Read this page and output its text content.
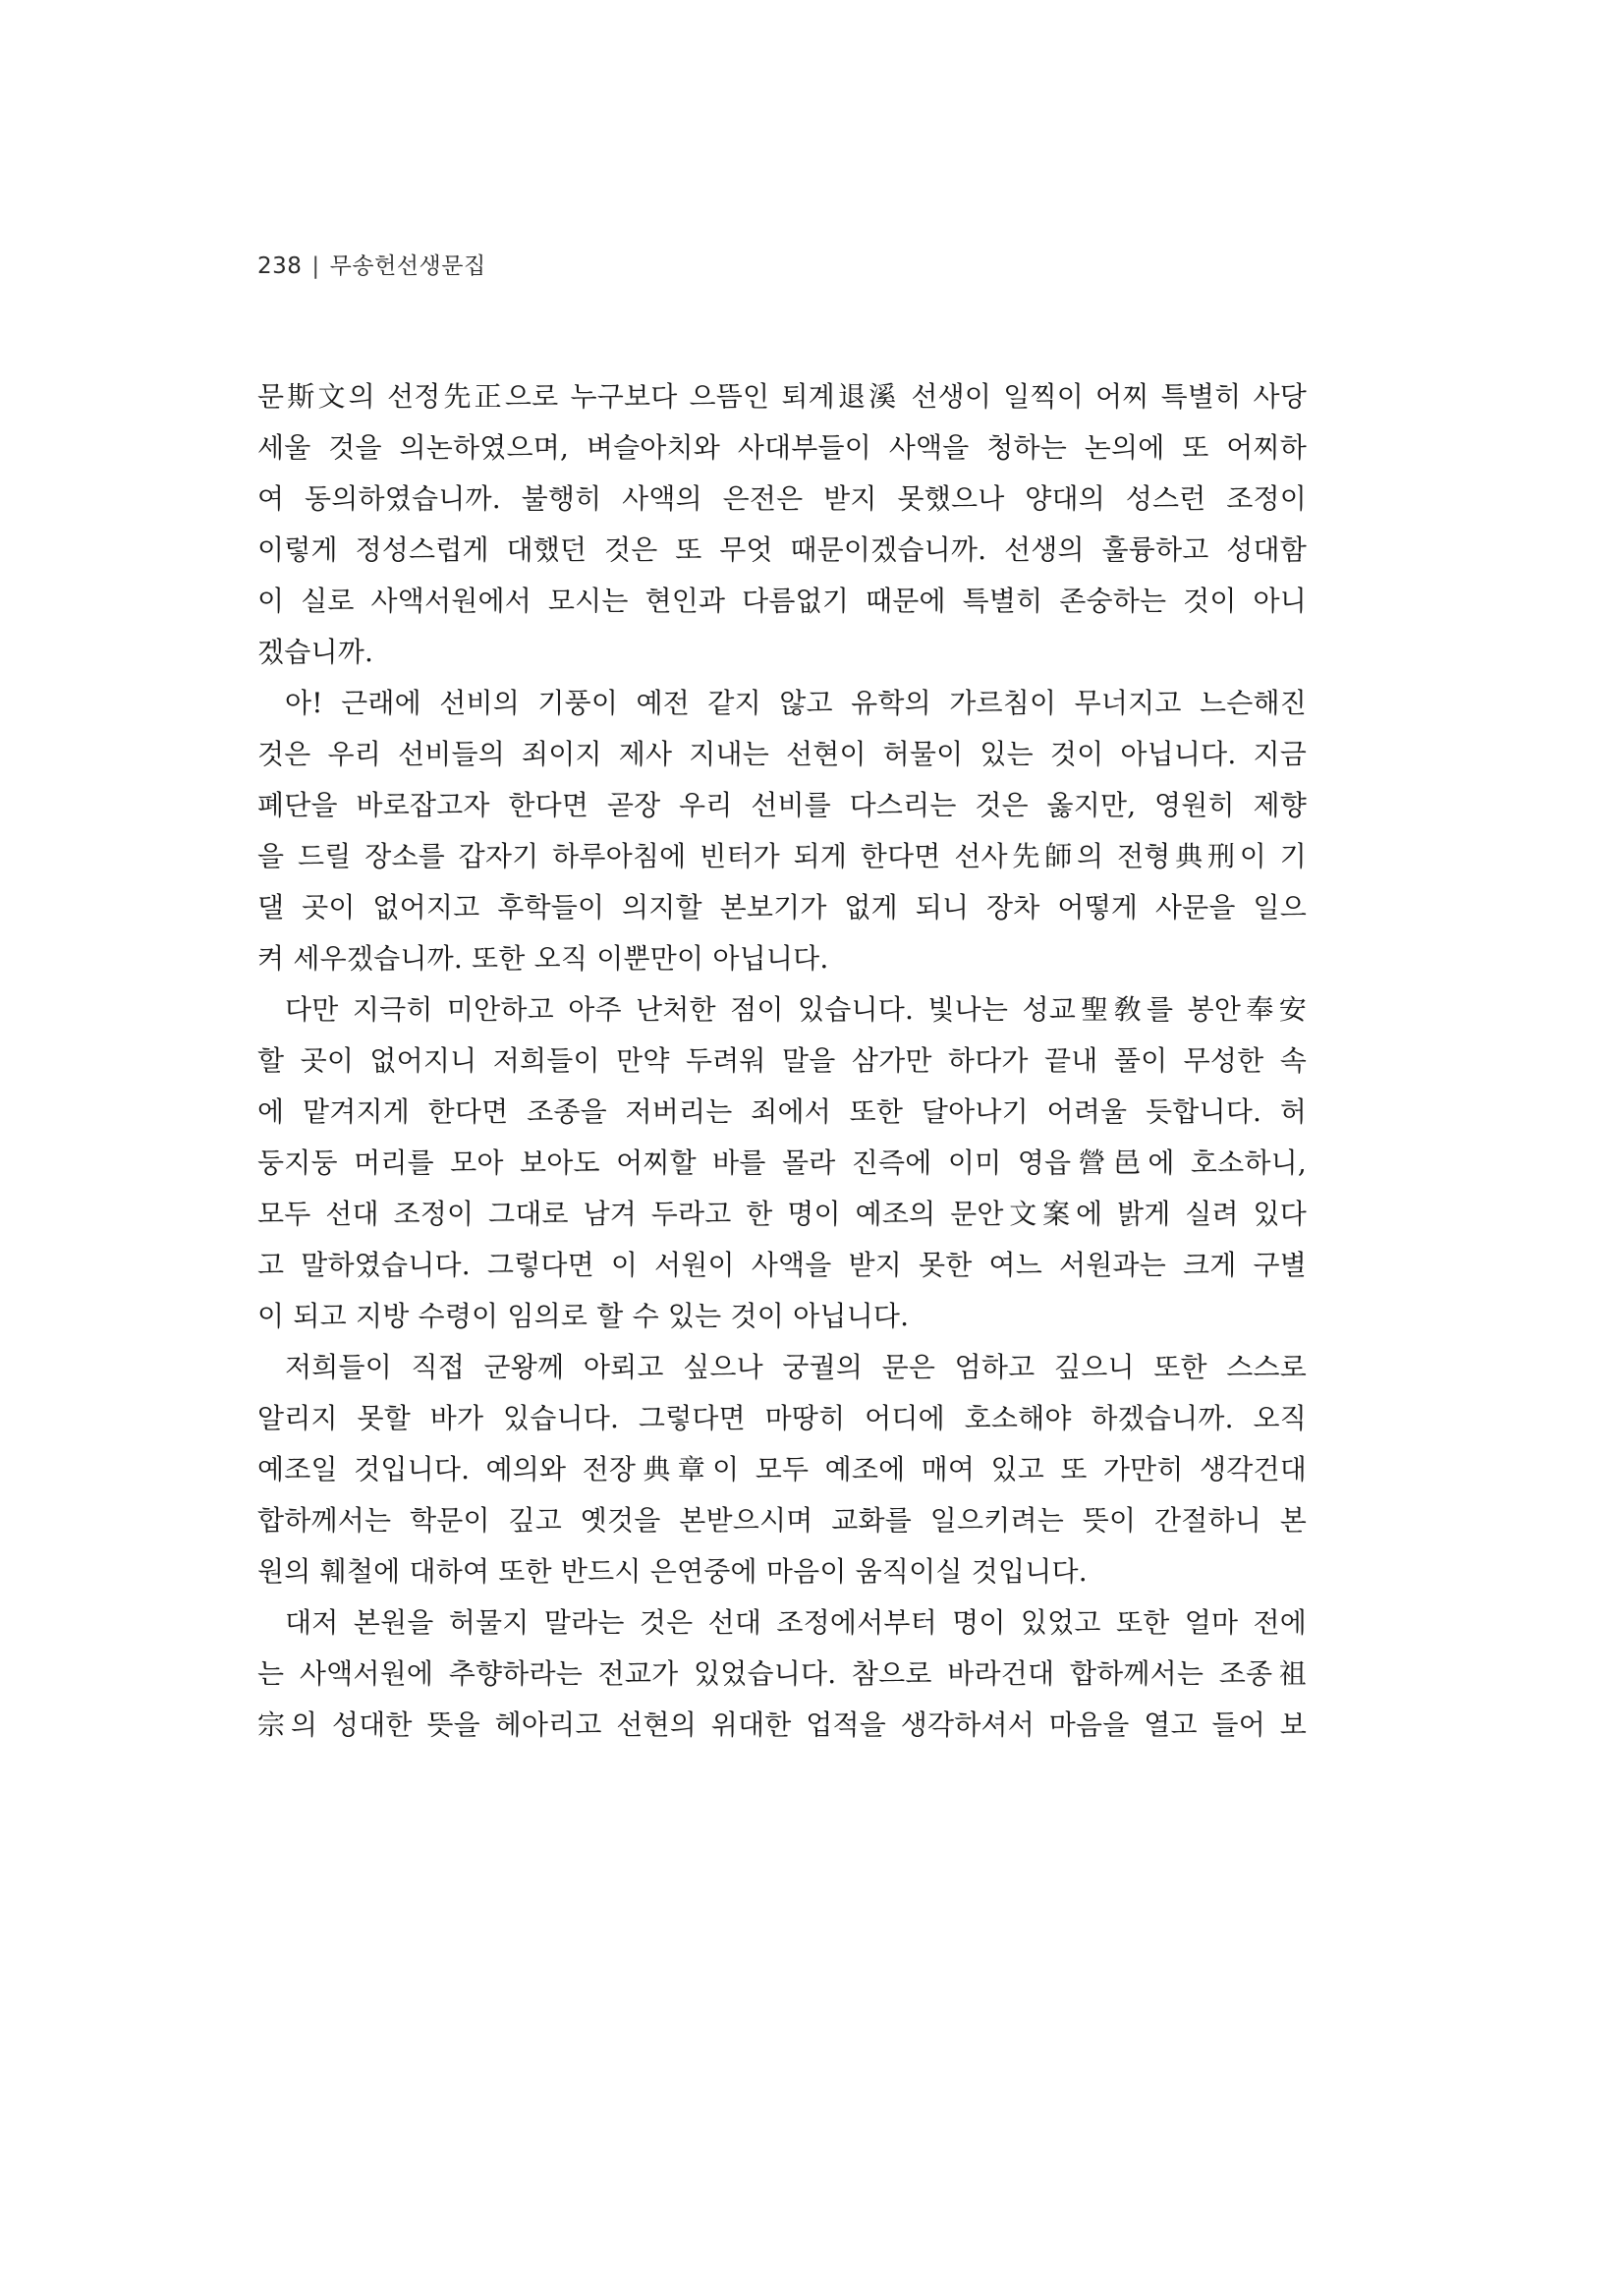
238 | 무송헌선생문집
문斯文의 선정先正으로 누구보다 으뜸인 퇴계退溪 선생이 일찍이 어찌 특별히 사당
세울 것을 의논하였으며, 벼슬아치와 사대부들이 사액을 청하는 논의에 또 어찌하
여 동의하였습니까. 불행히 사액의 은전은 받지 못했으나 양대의 성스런 조정이
이렇게 정성스럽게 대했던 것은 또 무엇 때문이겠습니까. 선생의 훌륭하고 성대함
이 실로 사액서원에서 모시는 현인과 다름없기 때문에 특별히 존숭하는 것이 아니
겠습니까.
아! 근래에 선비의 기풍이 예전 같지 않고 유학의 가르침이 무너지고 느슨해진
것은 우리 선비들의 죄이지 제사 지내는 선현이 허물이 있는 것이 아닙니다. 지금
폐단을 바로잡고자 한다면 곧장 우리 선비를 다스리는 것은 옳지만, 영원히 제향
을 드릴 장소를 갑자기 하루아침에 빈터가 되게 한다면 선사先師의 전형典刑이 기
댈 곳이 없어지고 후학들이 의지할 본보기가 없게 되니 장차 어떻게 사문을 일으
켜 세우겠습니까. 또한 오직 이뿐만이 아닙니다.
다만 지극히 미안하고 아주 난처한 점이 있습니다. 빛나는 성교聖敎를 봉안奉安
할 곳이 없어지니 저희들이 만약 두려워 말을 삼가만 하다가 끝내 풀이 무성한 속
에 맡겨지게 한다면 조종을 저버리는 죄에서 또한 달아나기 어려울 듯합니다. 허
둥지둥 머리를 모아 보아도 어찌할 바를 몰라 진즉에 이미 영읍營邑에 호소하니,
모두 선대 조정이 그대로 남겨 두라고 한 명이 예조의 문안文案에 밝게 실려 있다
고 말하였습니다. 그렇다면 이 서원이 사액을 받지 못한 여느 서원과는 크게 구별
이 되고 지방 수령이 임의로 할 수 있는 것이 아닙니다.
저희들이 직접 군왕께 아뢰고 싶으나 궁궐의 문은 엄하고 깊으니 또한 스스로
알리지 못할 바가 있습니다. 그렇다면 마땅히 어디에 호소해야 하겠습니까. 오직
예조일 것입니다. 예의와 전장典章이 모두 예조에 매여 있고 또 가만히 생각건대
합하께서는 학문이 깊고 옛것을 본받으시며 교화를 일으키려는 뜻이 간절하니 본
원의 훼철에 대하여 또한 반드시 은연중에 마음이 움직이실 것입니다.
대저 본원을 허물지 말라는 것은 선대 조정에서부터 명이 있었고 또한 얼마 전에
는 사액서원에 추향하라는 전교가 있었습니다. 참으로 바라건대 합하께서는 조종祖
宗의 성대한 뜻을 헤아리고 선현의 위대한 업적을 생각하셔서 마음을 열고 들어 보
